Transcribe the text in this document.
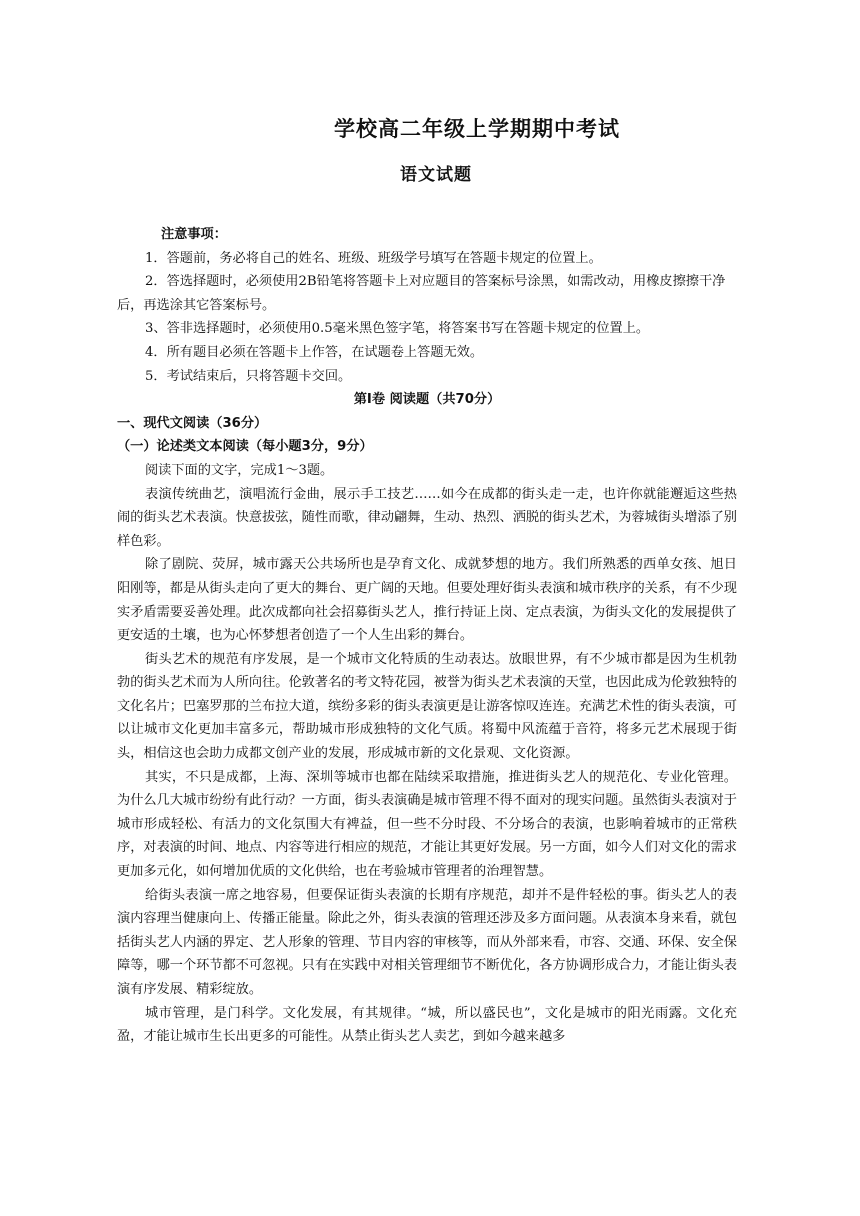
学校高二年级上学期期中考试
语文试题

注意事项：

1．答题前，务必将自己的姓名、班级、班级学号填写在答题卡规定的位置上。

2．答选择题时，必须使用2B铅笔将答题卡上对应题目的答案标号涂黑，如需改动，用橡皮擦擦干净后，再选涂其它答案标号。

3、答非选择题时，必须使用0.5毫米黑色签字笔，将答案书写在答题卡规定的位置上。

4．所有题目必须在答题卡上作答，在试题卷上答题无效。

5．考试结束后，只将答题卡交回。

第Ⅰ卷 阅读题（共70分）

一、现代文阅读（36分）

（一）论述类文本阅读（每小题3分，9分）

阅读下面的文字，完成1～3题。

表演传统曲艺，演唱流行金曲，展示手工技艺……如今在成都的街头走一走，也许你就能邂逅这些热闹的街头艺术表演。快意拔弦，随性而歌，律动翩舞，生动、热烈、洒脱的街头艺术，为蓉城街头增添了别样色彩。

除了剧院、荧屏，城市露天公共场所也是孕育文化、成就梦想的地方。我们所熟悉的西单女孩、旭日阳刚等，都是从街头走向了更大的舞台、更广阔的天地。但要处理好街头表演和城市秩序的关系，有不少现实矛盾需要妥善处理。此次成都向社会招募街头艺人，推行持证上岗、定点表演，为街头文化的发展提供了更安适的土壤，也为心怀梦想者创造了一个人生出彩的舞台。

街头艺术的规范有序发展，是一个城市文化特质的生动表达。放眼世界，有不少城市都是因为生机勃勃的街头艺术而为人所向往。伦敦著名的考文特花园，被誉为街头艺术表演的天堂，也因此成为伦敦独特的文化名片；巴塞罗那的兰布拉大道，缤纷多彩的街头表演更是让游客惊叹连连。充满艺术性的街头表演，可以让城市文化更加丰富多元，帮助城市形成独特的文化气质。将蜀中风流蕴于音符，将多元艺术展现于街头，相信这也会助力成都文创产业的发展，形成城市新的文化景观、文化资源。

其实，不只是成都，上海、深圳等城市也都在陆续采取措施，推进街头艺人的规范化、专业化管理。为什么几大城市纷纷有此行动？一方面，街头表演确是城市管理不得不面对的现实问题。虽然街头表演对于城市形成轻松、有活力的文化氛围大有裨益，但一些不分时段、不分场合的表演，也影响着城市的正常秩序，对表演的时间、地点、内容等进行相应的规范，才能让其更好发展。另一方面，如今人们对文化的需求更加多元化，如何增加优质的文化供给，也在考验城市管理者的治理智慧。

给街头表演一席之地容易，但要保证街头表演的长期有序规范，却并不是件轻松的事。街头艺人的表演内容理当健康向上、传播正能量。除此之外，街头表演的管理还涉及多方面问题。从表演本身来看，就包括街头艺人内涵的界定、艺人形象的管理、节目内容的审核等，而从外部来看，市容、交通、环保、安全保障等，哪一个环节都不可忽视。只有在实践中对相关管理细节不断优化，各方协调形成合力，才能让街头表演有序发展、精彩绽放。

城市管理，是门科学。文化发展，有其规律。“城，所以盛民也”，文化是城市的阳光雨露。文化充盈，才能让城市生长出更多的可能性。从禁止街头艺人卖艺，到如今越来越多
